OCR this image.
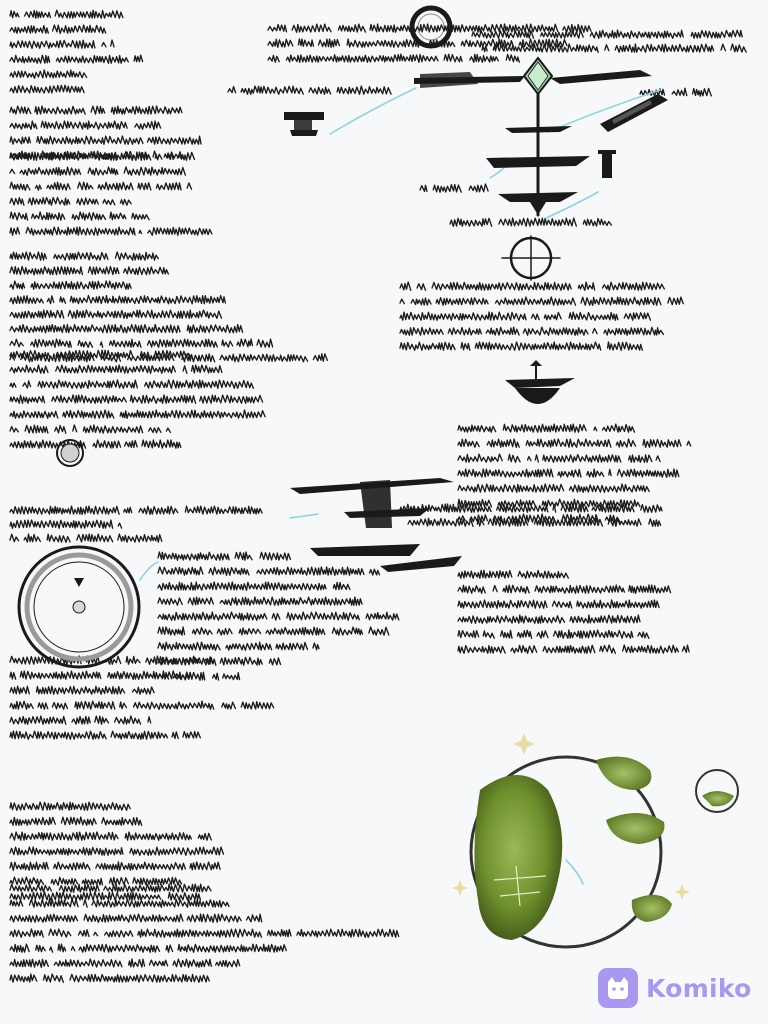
Komiko
